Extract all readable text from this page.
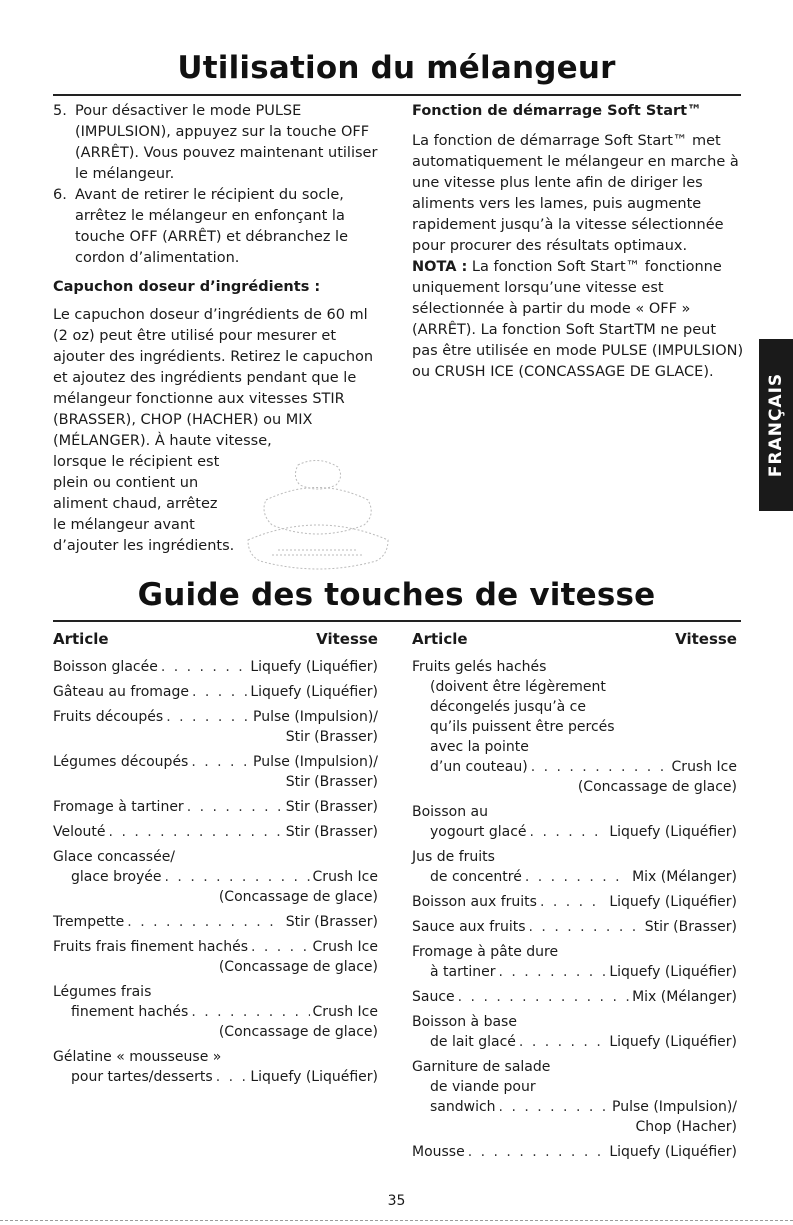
Utilisation du mélangeur
5. Pour désactiver le mode PULSE (IMPULSION), appuyez sur la touche OFF (ARRÊT). Vous pouvez maintenant utiliser le mélangeur.
6. Avant de retirer le récipient du socle, arrêtez le mélangeur en enfonçant la touche OFF (ARRÊT) et débranchez le cordon d’alimentation.
Capuchon doseur d’ingrédients :

Le capuchon doseur d’ingrédients de 60 ml (2 oz) peut être utilisé pour mesurer et ajouter des ingrédients. Retirez le capuchon et ajoutez des ingrédients pendant que le mélangeur fonctionne aux vitesses STIR (BRASSER), CHOP (HACHER) ou MIX (MÉLANGER). À haute vitesse,

lorsque le récipient est
plein ou contient un
aliment chaud, arrêtez
le mélangeur avant
d’ajouter les ingrédients.
Fonction de démarrage Soft Start™

La fonction de démarrage Soft Start™ met automatiquement le mélangeur en marche à une vitesse plus lente afin de diriger les aliments vers les lames, puis augmente rapidement jusqu’à la vitesse sélectionnée pour procurer des résultats optimaux.

NOTA : La fonction Soft Start™ fonctionne uniquement lorsqu’une vitesse est sélectionnée à partir du mode « OFF » (ARRÊT). La fonction Soft StartTM ne peut pas être utilisée en mode PULSE (IMPULSION) ou CRUSH ICE (CONCASSAGE DE GLACE).

FRANÇAIS
Guide des touches de vitesse
Article	Vitesse
Boisson glacée . . .	Liquefy (Liquéfier)
Gâteau au fromage . . .	Liquefy (Liquéfier)
Fruits découpés . . .	Pulse (Impulsion)/
Stir (Brasser)
Légumes découpés . . .	Pulse (Impulsion)/
Stir (Brasser)
Fromage à tartiner . . .	Stir (Brasser)
Velouté . . .	Stir (Brasser)
Glace concassée/
glace broyée . . .	Crush Ice
(Concassage de glace)
Trempette . . .	Stir (Brasser)
Fruits frais finement hachés . . .	Crush Ice
(Concassage de glace)
Légumes frais
finement hachés . . .	Crush Ice
(Concassage de glace)
Gélatine « mousseuse »
pour tartes/desserts . . .	Liquefy (Liquéfier)
Article	Vitesse
Fruits gelés hachés
(doivent être légèrement
décongelés jusqu’à ce
qu’ils puissent être percés
avec la pointe
d’un couteau) . . .	Crush Ice
(Concassage de glace)
Boisson au
yogourt glacé . . .	Liquefy (Liquéfier)
Jus de fruits
de concentré . . .	Mix (Mélanger)
Boisson aux fruits . . .	Liquefy (Liquéfier)
Sauce aux fruits . . .	Stir (Brasser)
Fromage à pâte dure
à tartiner . . .	Liquefy (Liquéfier)
Sauce . . .	Mix (Mélanger)
Boisson à base
de lait glacé . . .	Liquefy (Liquéfier)
Garniture de salade
de viande pour
sandwich . . .	Pulse (Impulsion)/
Chop (Hacher)
Mousse . . .	Liquefy (Liquéfier)
35
